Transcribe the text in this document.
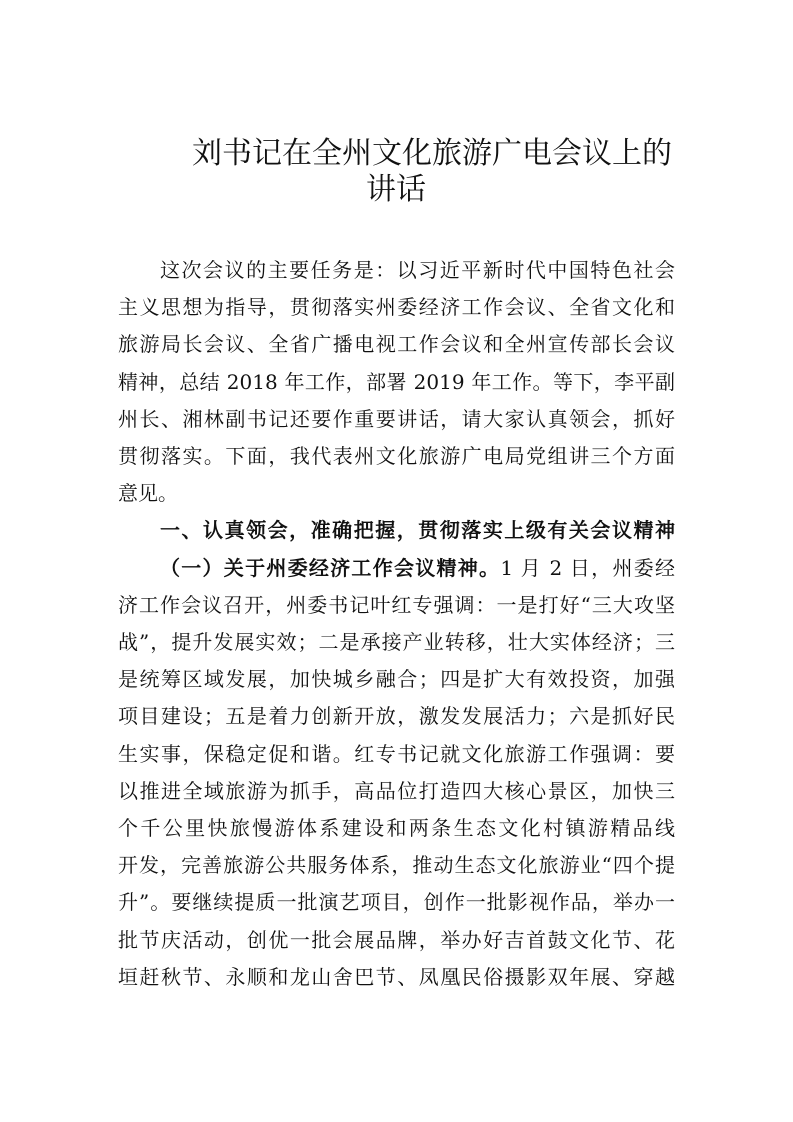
刘书记在全州文化旅游广电会议上的
讲话
这次会议的主要任务是：以习近平新时代中国特色社会
主义思想为指导，贯彻落实州委经济工作会议、全省文化和
旅游局长会议、全省广播电视工作会议和全州宣传部长会议
精神，总结 2018 年工作，部署 2019 年工作。等下，李平副
州长、湘林副书记还要作重要讲话，请大家认真领会，抓好
贯彻落实。下面，我代表州文化旅游广电局党组讲三个方面
意见。
一、认真领会，准确把握，贯彻落实上级有关会议精神
（一）关于州委经济工作会议精神。1 月 2 日，州委经
济工作会议召开，州委书记叶红专强调：一是打好“三大攻坚
战”，提升发展实效；二是承接产业转移，壮大实体经济；三
是统筹区域发展，加快城乡融合；四是扩大有效投资，加强
项目建设；五是着力创新开放，激发发展活力；六是抓好民
生实事，保稳定促和谐。红专书记就文化旅游工作强调：要
以推进全域旅游为抓手，高品位打造四大核心景区，加快三
个千公里快旅慢游体系建设和两条生态文化村镇游精品线
开发，完善旅游公共服务体系，推动生态文化旅游业“四个提
升”。要继续提质一批演艺项目，创作一批影视作品，举办一
批节庆活动，创优一批会展品牌，举办好吉首鼓文化节、花
垣赶秋节、永顺和龙山舍巴节、凤凰民俗摄影双年展、穿越
